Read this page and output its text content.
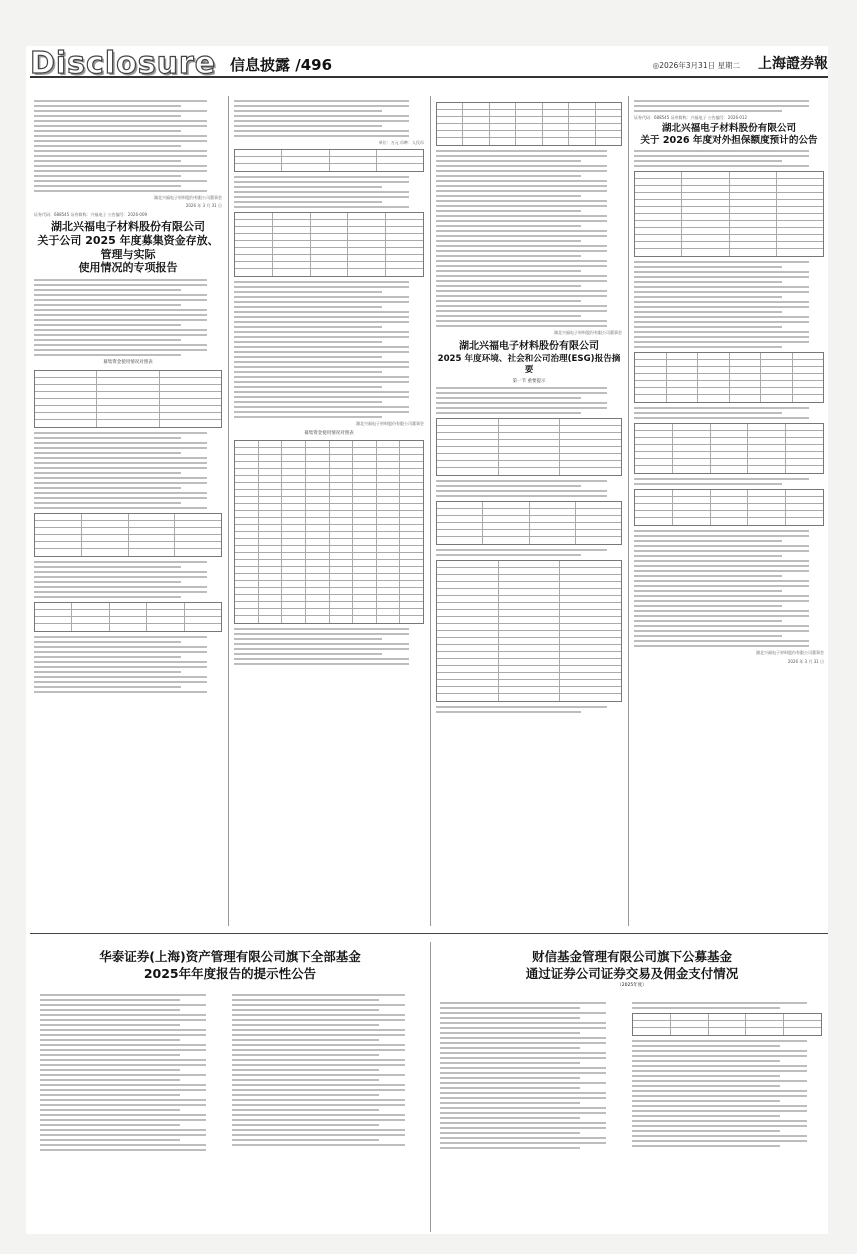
Disclosure 信息披露 /496	◎2026年3月31日 星期二 上海證券報
湖北兴福电子材料股份有限公司董事会
2026 年 3 月 31 日
证券代码：688545 证券简称：兴福电子 公告编号：2026-009
湖北兴福电子材料股份有限公司
关于公司 2025 年度募集资金存放、管理与实际
使用情况的专项报告
募集资金使用情况对照表
单位：万元 币种：人民币
湖北兴福电子材料股份有限公司董事会
募集资金使用情况对照表
湖北兴福电子材料股份有限公司董事会
湖北兴福电子材料股份有限公司
2025 年度环境、社会和公司治理(ESG)报告摘要
第一节 重要提示
证券代码：688545 证券简称：兴福电子 公告编号：2026-012
湖北兴福电子材料股份有限公司
关于 2026 年度对外担保额度预计的公告
湖北兴福电子材料股份有限公司董事会
2026 年 3 月 31 日
华泰证券(上海)资产管理有限公司旗下全部基金
2025年年度报告的提示性公告
财信基金管理有限公司旗下公募基金
通过证券公司证券交易及佣金支付情况
（2025年度）
